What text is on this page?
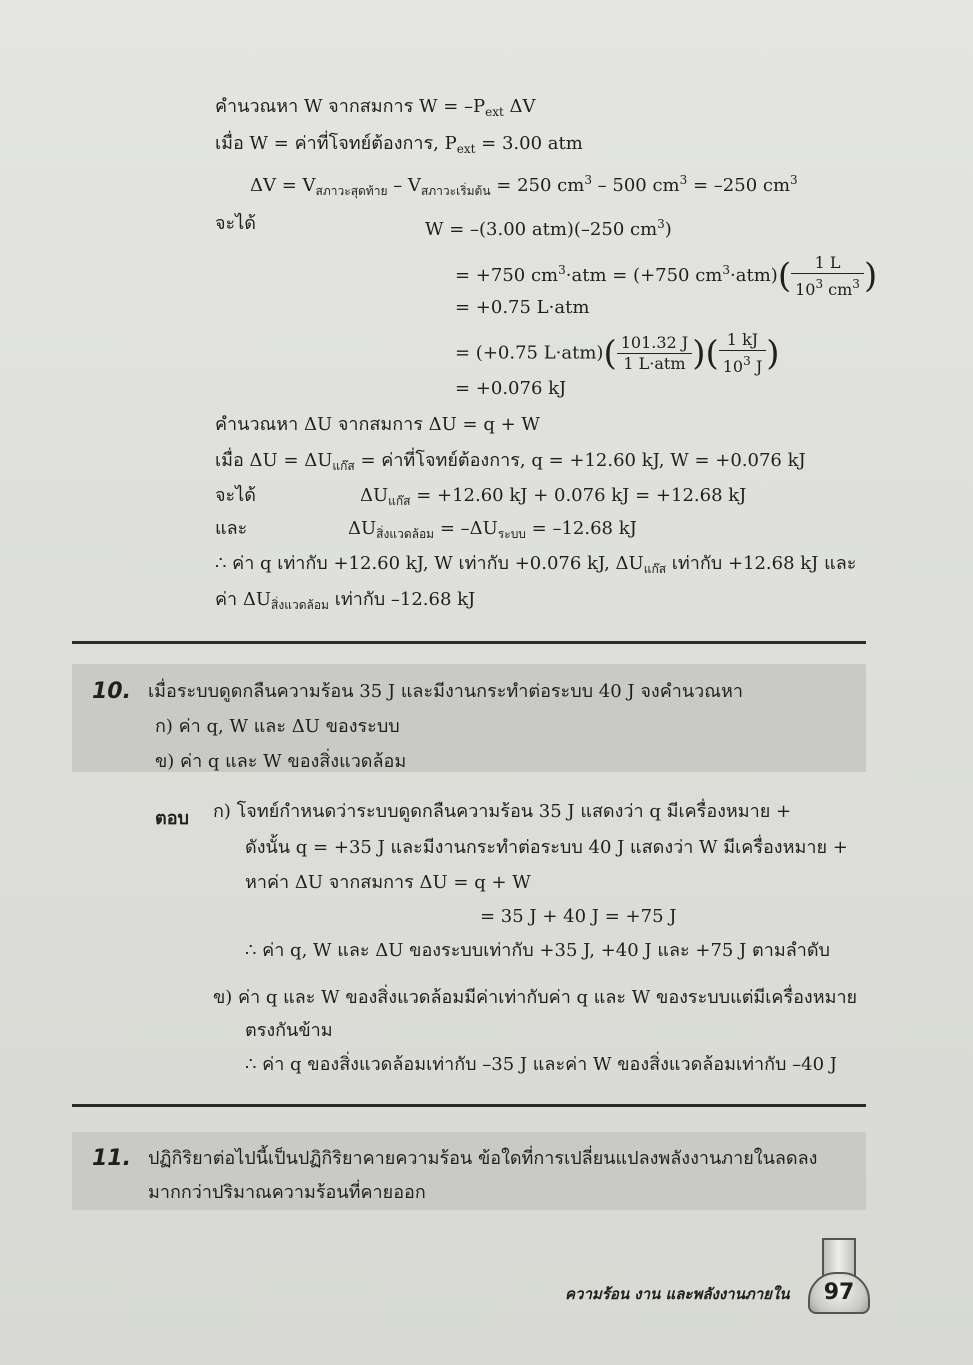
คำนวณหา W จากสมการ $W = -P_{ext}$ ΔV
เมื่อ W = ค่าที่โจทย์ต้องการ, $P_{ext} = 3.00$ atm
$\Delta V = V_{สภาวะสุดท้าย} - V_{สภาวะเริ่มต้น} = 250$ $cm^3 - 500$ $cm^3 = -250$ $cm^3$
จะได้	W = –(3.00 atm)(–250 $cm^3$)
= +750 $cm^3\cdot atm = (+750$ $cm^3\cdot atm)( \frac{1 L}{10^3 cm^3}$ )
= +0.75 L·atm
= (+0.75 $L\cdot atm)( \frac{101.32 J}{\text{1 L·atm}}$ )( $\frac{1 kJ}{10^3 J}$ )
= +0.076 kJ
คำนวณหา ΔU จากสมการ ΔU = q + W
เมื่อ $\Delta U = \Delta U_{แก๊ส}$ = ค่าที่โจทย์ต้องการ, q = +12.60 kJ, W = +0.076 kJ
จะได้	$\Delta U_{แก๊ส} = +12.60$ kJ + 0.076 kJ = +12.68 kJ
และ	$\Delta U_{สิ่งแวดล้อม} = -\Delta U_{ระบบ} = -12.68$ kJ
∴ ค่า q เท่ากับ +12.60 kJ, W เท่ากับ +0.076 kJ, $\Delta U_{แก๊ส}$ เท่ากับ +12.68 kJ และ
ค่า $\Delta U_{สิ่งแวดล้อม}$ เท่ากับ –12.68 kJ
10. เมื่อระบบดูดกลืนความร้อน 35 J และมีงานกระทำต่อระบบ 40 J จงคำนวณหา
ก) ค่า q, W และ ΔU ของระบบ
ข) ค่า q และ W ของสิ่งแวดล้อม
ตอบ ก) โจทย์กำหนดว่าระบบดูดกลืนความร้อน 35 J แสดงว่า q มีเครื่องหมาย +
ดังนั้น q = +35 J และมีงานกระทำต่อระบบ 40 J แสดงว่า W มีเครื่องหมาย +
หาค่า ΔU จากสมการ ΔU = q + W
= 35 J + 40 J = +75 J
∴ ค่า q, W และ ΔU ของระบบเท่ากับ +35 J, +40 J และ +75 J ตามลำดับ
ข) ค่า q และ W ของสิ่งแวดล้อมมีค่าเท่ากับค่า q และ W ของระบบแต่มีเครื่องหมาย
ตรงกันข้าม
∴ ค่า q ของสิ่งแวดล้อมเท่ากับ –35 J และค่า W ของสิ่งแวดล้อมเท่ากับ –40 J
11. ปฏิกิริยาต่อไปนี้เป็นปฏิกิริยาคายความร้อน ข้อใดที่การเปลี่ยนแปลงพลังงานภายในลดลง
มากกว่าปริมาณความร้อนที่คายออก
ความร้อน งาน และพลังงานภายใน	97
